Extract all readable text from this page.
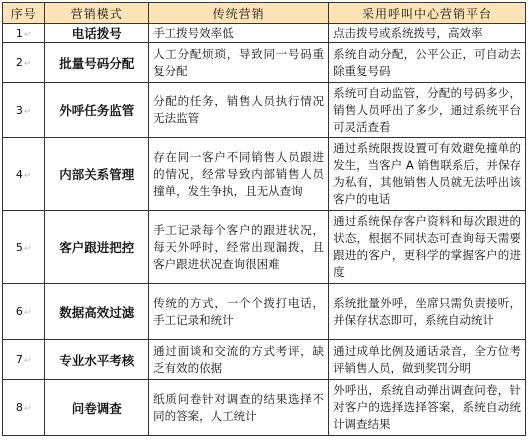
序号	营销模式	传统营销	采用呼叫中心营销平台
1↵	电话拨号	手工拨号效率低	点击拨号或系统拨号，高效率
2↵	批量号码分配	人工分配烦琐，导致同一号码重复分配	系统自动分配，公平公正，可自动去除重复号码
3↵	外呼任务监管	分配的任务，销售人员执行情况无法监管	系统可自动监管，分配的号码多少，销售人员呼出了多少，通过系统平台可灵活查看
4↵	内部关系管理	存在同一客户不同销售人员跟进的情况，经常导致内部销售人员撞单，发生争执，且无从查询	通过系统限拨设置可有效避免撞单的发生，当客户 A 销售联系后，并保存为私有，其他销售人员就无法呼出该客户的电话
5↵	客户跟进把控	手工记录每个客户的跟进状况，每天外呼时，经常出现漏拨，且客户跟进状况查询很困难	通过系统保存客户资料和每次跟进的状态，根据不同状态可查询每天需要跟进的客户，更科学的掌握客户的进度
6↵	数据高效过滤	传统的方式，一个个拨打电话，手工记录和统计	系统批量外呼，坐席只需负责接听，并保存状态即可，系统自动统计
7↵	专业水平考核	通过面谈和交流的方式考评，缺乏有效的依据	通过成单比例及通话录音，全方位考评销售人员，做到奖罚分明
8↵	问卷调查	纸质问卷针对调查的结果选择不同的答案，人工统计	外呼出，系统自动弹出调查问卷，针对客户的选择选择答案，系统自动统计调查结果
